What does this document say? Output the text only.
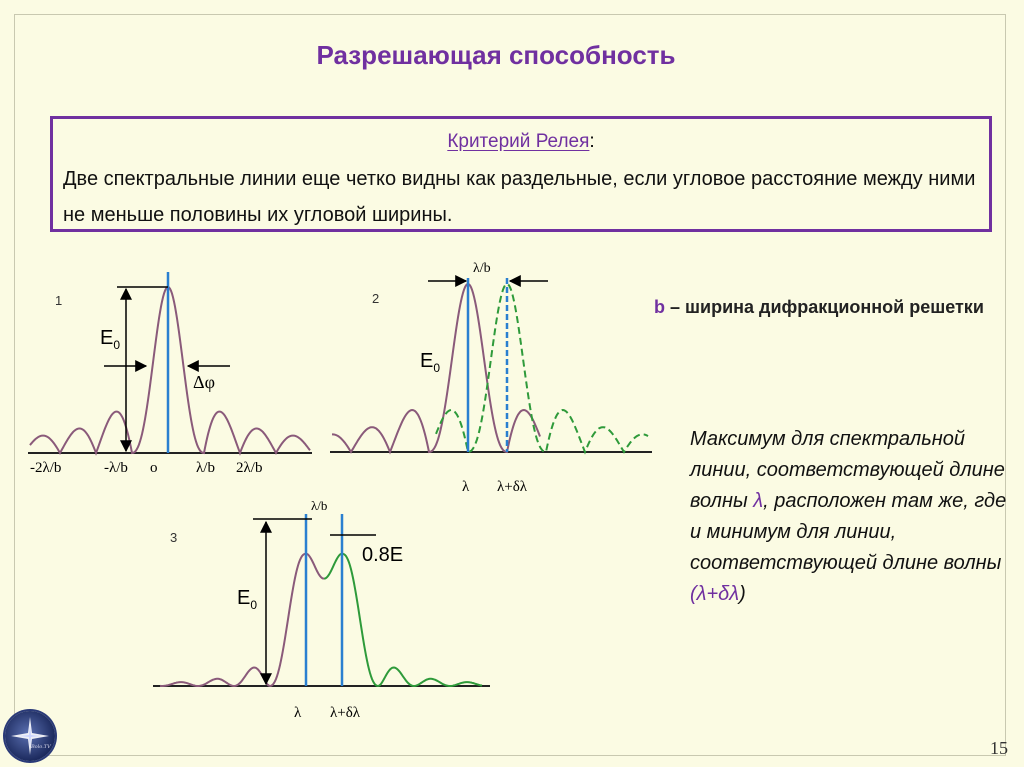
Разрешающая способность
Критерий Релея:
Две спектральные линии еще четко видны как раздельные, если угловое расстояние между ними не меньше половины их угловой ширины.
b – ширина дифракционной решетки
Максимум для спектральной линии, соответствующей длине волны λ, расположен там же, где и минимум для линии, соответствующей длине волны (λ+δλ)
1
$E_0$
Δφ
-2λ/b	-λ/b o	λ/b 2λ/b
2
λ/b
$E_0$
λ λ+δλ
3
$E_0$
0.8E
λ/b
λ λ+δλ
Bolo.TV	15
